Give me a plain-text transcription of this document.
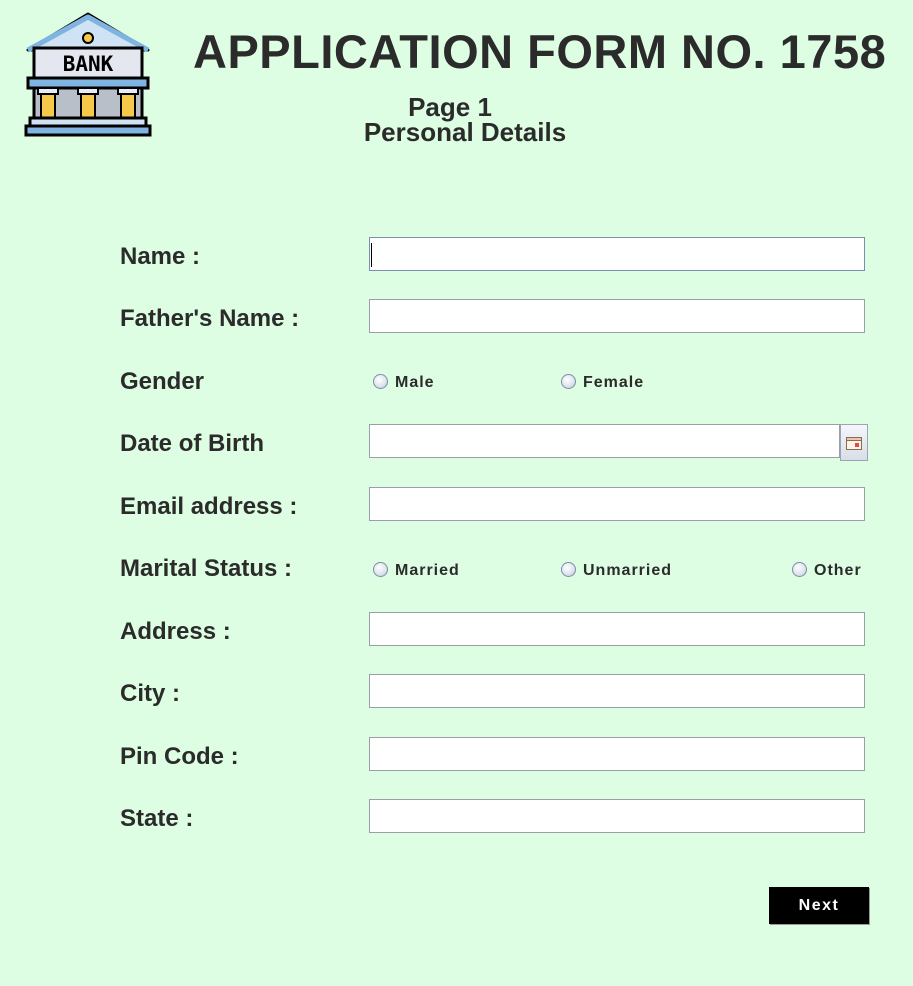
BANK APPLICATION FORM NO. 1758
Page 1
Personal Details
Name :
Father's Name :
Gender	Male	Female
Date of Birth
Email address :
Marital Status :	Married	Unmarried	Other
Address :
City :
Pin Code :
State :
Next
